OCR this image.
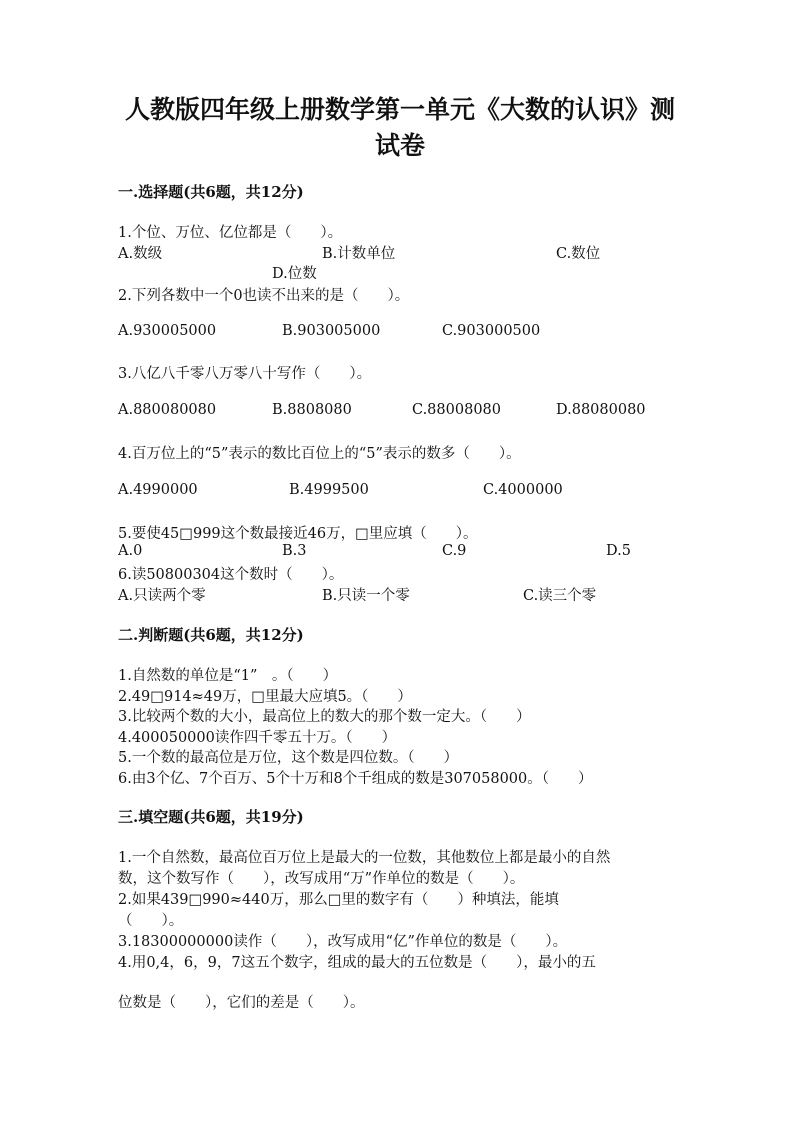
人教版四年级上册数学第一单元《大数的认识》测
试卷
一.选择题(共6题，共12分)
1.个位、万位、亿位都是（　　）。
A.数级	B.计数单位	C.数位
D.位数
2.下列各数中一个0也读不出来的是（　　）。
A.930005000	B.903005000	C.903000500
3.八亿八千零八万零八十写作（　　）。
A.880080080	B.8808080	C.88008080	D.88080080
4.百万位上的“5”表示的数比百位上的“5”表示的数多（　　）。
A.4990000	B.4999500	C.4000000
5.要使45□999这个数最接近46万，□里应填（　　）。
A.0	B.3	C.9	D.5
6.读50800304这个数时（　　）。
A.只读两个零	B.只读一个零	C.读三个零
二.判断题(共6题，共12分)
1.自然数的单位是“1”　。（　　）
2.49□914≈49万，□里最大应填5。（　　）
3.比较两个数的大小，最高位上的数大的那个数一定大。（　　）
4.400050000读作四千零五十万。（　　）
5.一个数的最高位是万位，这个数是四位数。（　　）
6.由3个亿、7个百万、5个十万和8个千组成的数是307058000。（　　）
三.填空题(共6题，共19分)
1.一个自然数，最高位百万位上是最大的一位数，其他数位上都是最小的自然
数，这个数写作（　　），改写成用“万”作单位的数是（　　）。
2.如果439□990≈440万，那么□里的数字有（　　）种填法，能填
（　　）。
3.18300000000读作（　　），改写成用“亿”作单位的数是（　　）。
4.用0,4，6，9，7这五个数字，组成的最大的五位数是（　　），最小的五
位数是（　　），它们的差是（　　）。
